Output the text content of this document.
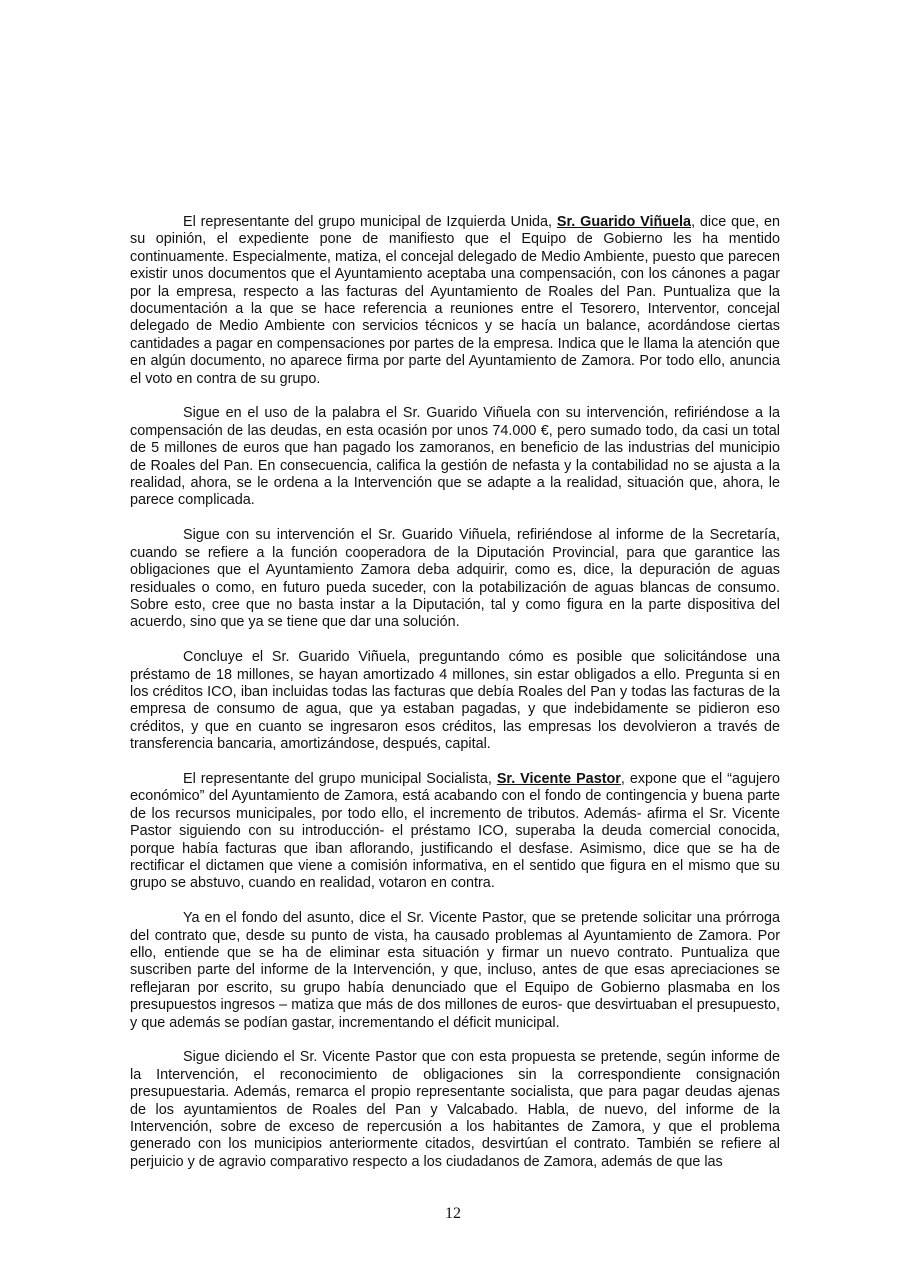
El representante del grupo municipal de Izquierda Unida, Sr. Guarido Viñuela, dice que, en su opinión, el expediente pone de manifiesto que el Equipo de Gobierno les ha mentido continuamente. Especialmente, matiza, el concejal delegado de Medio Ambiente, puesto que parecen existir unos documentos que el Ayuntamiento aceptaba una compensación, con los cánones a pagar por la empresa, respecto a las facturas del Ayuntamiento de Roales del Pan. Puntualiza que la documentación a la que se hace referencia a reuniones entre el Tesorero, Interventor, concejal delegado de Medio Ambiente con servicios técnicos y se hacía un balance, acordándose ciertas cantidades a pagar en compensaciones por partes de la empresa. Indica que le llama la atención que en algún documento, no aparece firma por parte del Ayuntamiento de Zamora. Por todo ello, anuncia el voto en contra de su grupo.

Sigue en el uso de la palabra el Sr. Guarido Viñuela con su intervención, refiriéndose a la compensación de las deudas, en esta ocasión por unos 74.000 €, pero sumado todo, da casi un total de 5 millones de euros que han pagado los zamoranos, en beneficio de las industrias del municipio de Roales del Pan. En consecuencia, califica la gestión de nefasta y la contabilidad no se ajusta a la realidad, ahora, se le ordena a la Intervención que se adapte a la realidad, situación que, ahora, le parece complicada.

Sigue con su intervención el Sr. Guarido Viñuela, refiriéndose al informe de la Secretaría, cuando se refiere a la función cooperadora de la Diputación Provincial, para que garantice las obligaciones que el Ayuntamiento Zamora deba adquirir, como es, dice, la depuración de aguas residuales o como, en futuro pueda suceder, con la potabilización de aguas blancas de consumo. Sobre esto, cree que no basta instar a la Diputación, tal y como figura en la parte dispositiva del acuerdo, sino que ya se tiene que dar una solución.

Concluye el Sr. Guarido Viñuela, preguntando cómo es posible que solicitándose una préstamo de 18 millones, se hayan amortizado 4 millones, sin estar obligados a ello. Pregunta si en los créditos ICO, iban incluidas todas las facturas que debía Roales del Pan y todas las facturas de la empresa de consumo de agua, que ya estaban pagadas, y que indebidamente se pidieron eso créditos, y que en cuanto se ingresaron esos créditos, las empresas los devolvieron a través de transferencia bancaria, amortizándose, después, capital.

El representante del grupo municipal Socialista, Sr. Vicente Pastor, expone que el “agujero económico” del Ayuntamiento de Zamora, está acabando con el fondo de contingencia y buena parte de los recursos municipales, por todo ello, el incremento de tributos. Además- afirma el Sr. Vicente Pastor siguiendo con su introducción- el préstamo ICO, superaba la deuda comercial conocida, porque había facturas que iban aflorando, justificando el desfase. Asimismo, dice que se ha de rectificar el dictamen que viene a comisión informativa, en el sentido que figura en el mismo que su grupo se abstuvo, cuando en realidad, votaron en contra.

Ya en el fondo del asunto, dice el Sr. Vicente Pastor, que se pretende solicitar una prórroga del contrato que, desde su punto de vista, ha causado problemas al Ayuntamiento de Zamora. Por ello, entiende que se ha de eliminar esta situación y firmar un nuevo contrato. Puntualiza que suscriben parte del informe de la Intervención, y que, incluso, antes de que esas apreciaciones se reflejaran por escrito, su grupo había denunciado que el Equipo de Gobierno plasmaba en los presupuestos ingresos – matiza que más de dos millones de euros- que desvirtuaban el presupuesto, y que además se podían gastar, incrementando el déficit municipal.

Sigue diciendo el Sr. Vicente Pastor que con esta propuesta se pretende, según informe de la Intervención, el reconocimiento de obligaciones sin la correspondiente consignación presupuestaria. Además, remarca el propio representante socialista, que para pagar deudas ajenas de los ayuntamientos de Roales del Pan y Valcabado. Habla, de nuevo, del informe de la Intervención, sobre de exceso de repercusión a los habitantes de Zamora, y que el problema generado con los municipios anteriormente citados, desvirtúan el contrato. También se refiere al perjuicio y de agravio comparativo respecto a los ciudadanos de Zamora, además de que las

12
